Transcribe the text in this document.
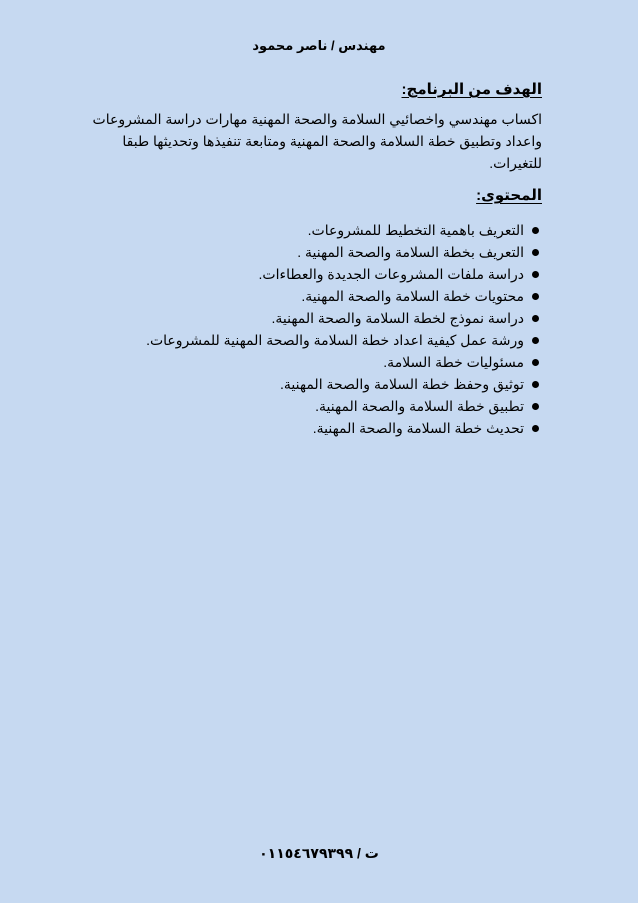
مهندس / ناصر محمود
الهدف من البرنامج:
اكساب مهندسي واخصائيي السلامة والصحة المهنية مهارات دراسة المشروعات
واعداد وتطبيق خطة السلامة والصحة المهنية ومتابعة تنفيذها وتحديثها طبقا
للتغيرات.
المحتوى:
التعريف باهمية التخطيط للمشروعات.
التعريف بخطة السلامة والصحة المهنية .
دراسة ملفات المشروعات الجديدة والعطاءات.
محتويات خطة السلامة والصحة المهنية.
دراسة نموذج لخطة السلامة والصحة المهنية.
ورشة عمل كيفية اعداد خطة السلامة والصحة المهنية للمشروعات.
مسئوليات خطة السلامة.
توثيق وحفظ خطة السلامة والصحة المهنية.
تطبيق خطة السلامة والصحة المهنية.
تحديث خطة السلامة والصحة المهنية.
ت / ٠١١٥٤٦٧٩٣٩٩
